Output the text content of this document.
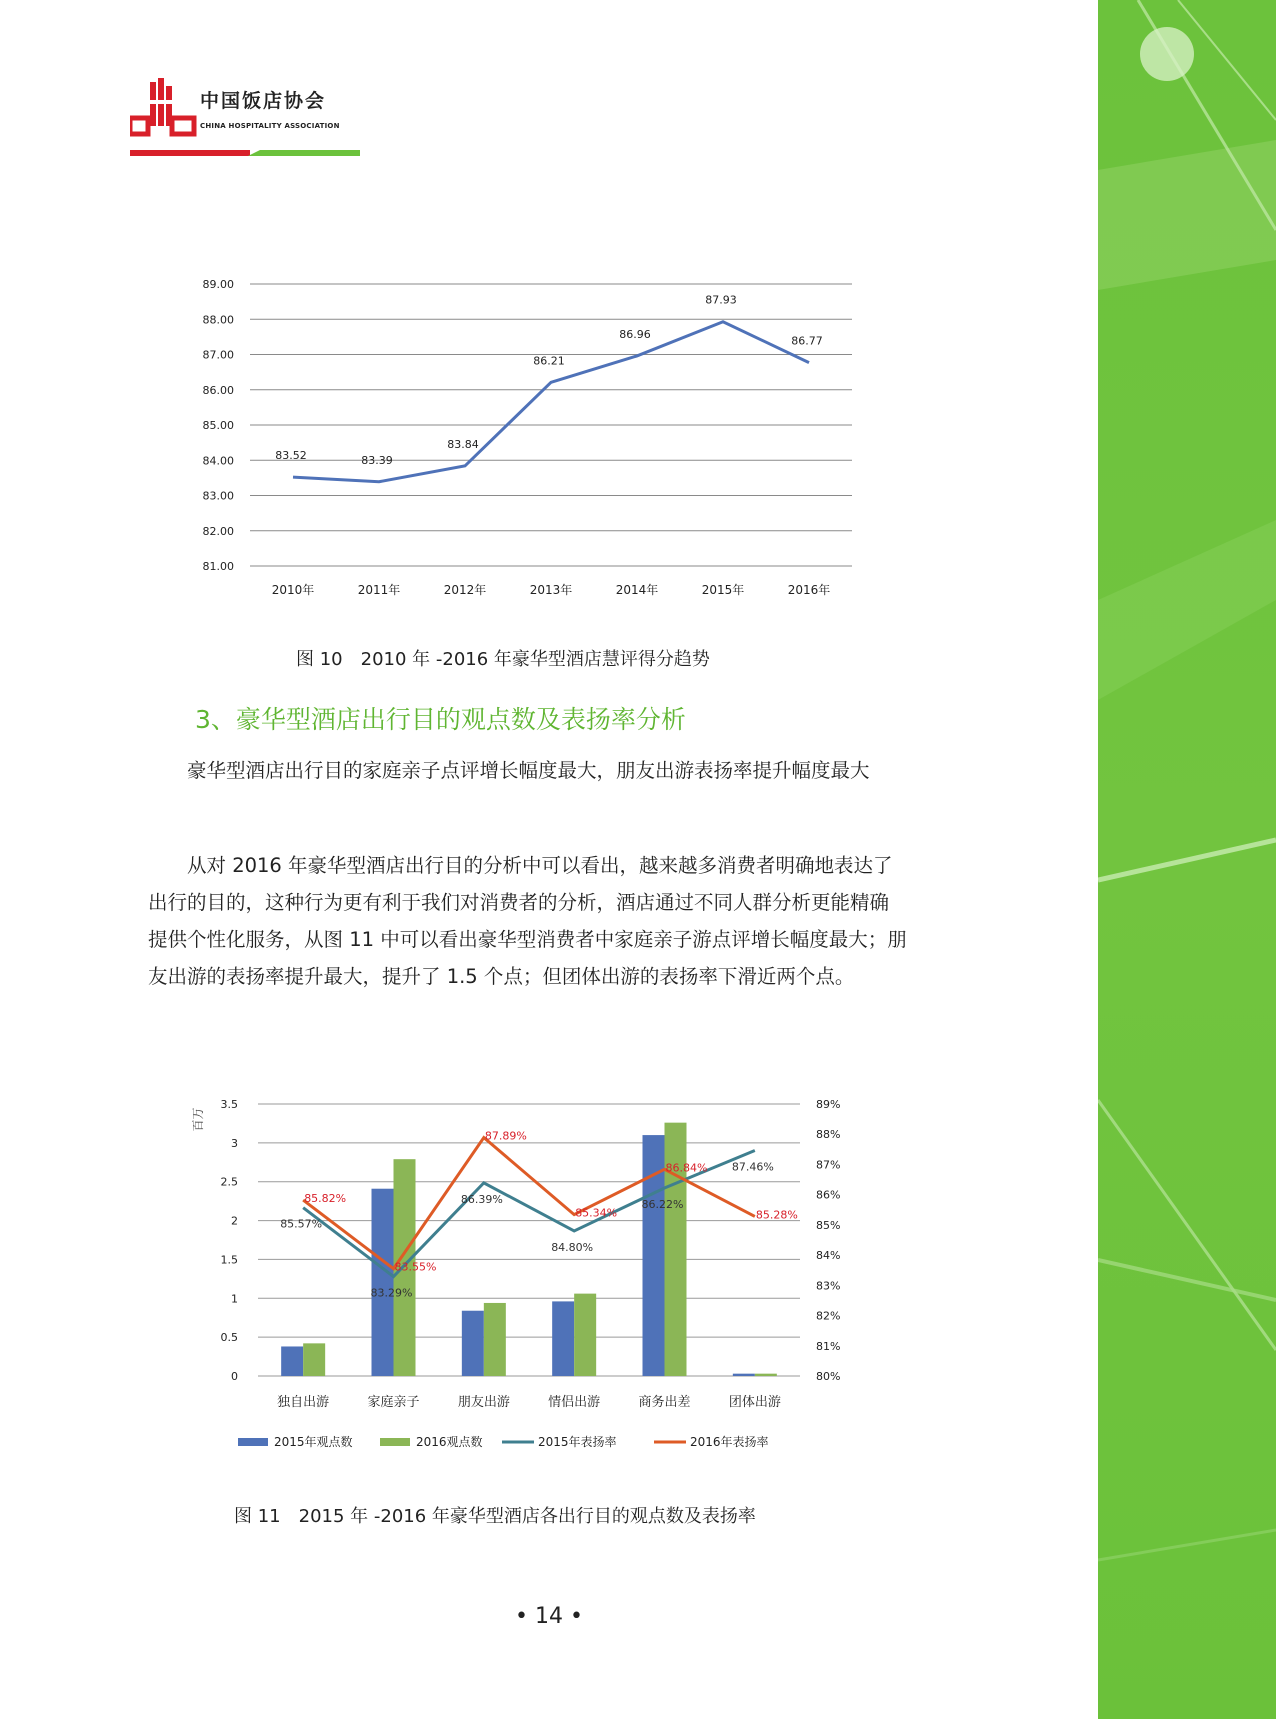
中国饭店协会
CHINA HOSPITALITY ASSOCIATION
81.00
82.00
83.00
84.00
85.00
86.00
87.00
88.00
89.00
2010年	2011年	2012年	2013年	2014年	2015年	2016年
83.52	83.39
83.84
86.21
86.96
87.93
86.77
图 10　2010 年 -2016 年豪华型酒店慧评得分趋势
3、豪华型酒店出行目的观点数及表扬率分析

豪华型酒店出行目的家庭亲子点评增长幅度最大，朋友出游表扬率提升幅度最大

从对 2016 年豪华型酒店出行目的分析中可以看出，越来越多消费者明确地表达了出行的目的，这种行为更有利于我们对消费者的分析，酒店通过不同人群分析更能精确提供个性化服务，从图 11 中可以看出豪华型消费者中家庭亲子游点评增长幅度最大；朋友出游的表扬率提升最大，提升了 1.5 个点；但团体出游的表扬率下滑近两个点。

0
0.5
1
1.5
2
2.5
3
3.5
80%
81%
82%
83%
84%
85%
86%
87%
88%
89%
百万
独自出游	家庭亲子	朋友出游	情侣出游	商务出差	团体出游
85.57%
83.29%
86.39%
84.80%
86.22%
87.46%
85.82%
83.55%
87.89%
85.34%
86.84%
85.28%
2015年观点数	2016观点数	2015年表扬率	2016年表扬率
图 11　2015 年 -2016 年豪华型酒店各出行目的观点数及表扬率
• 14 •
